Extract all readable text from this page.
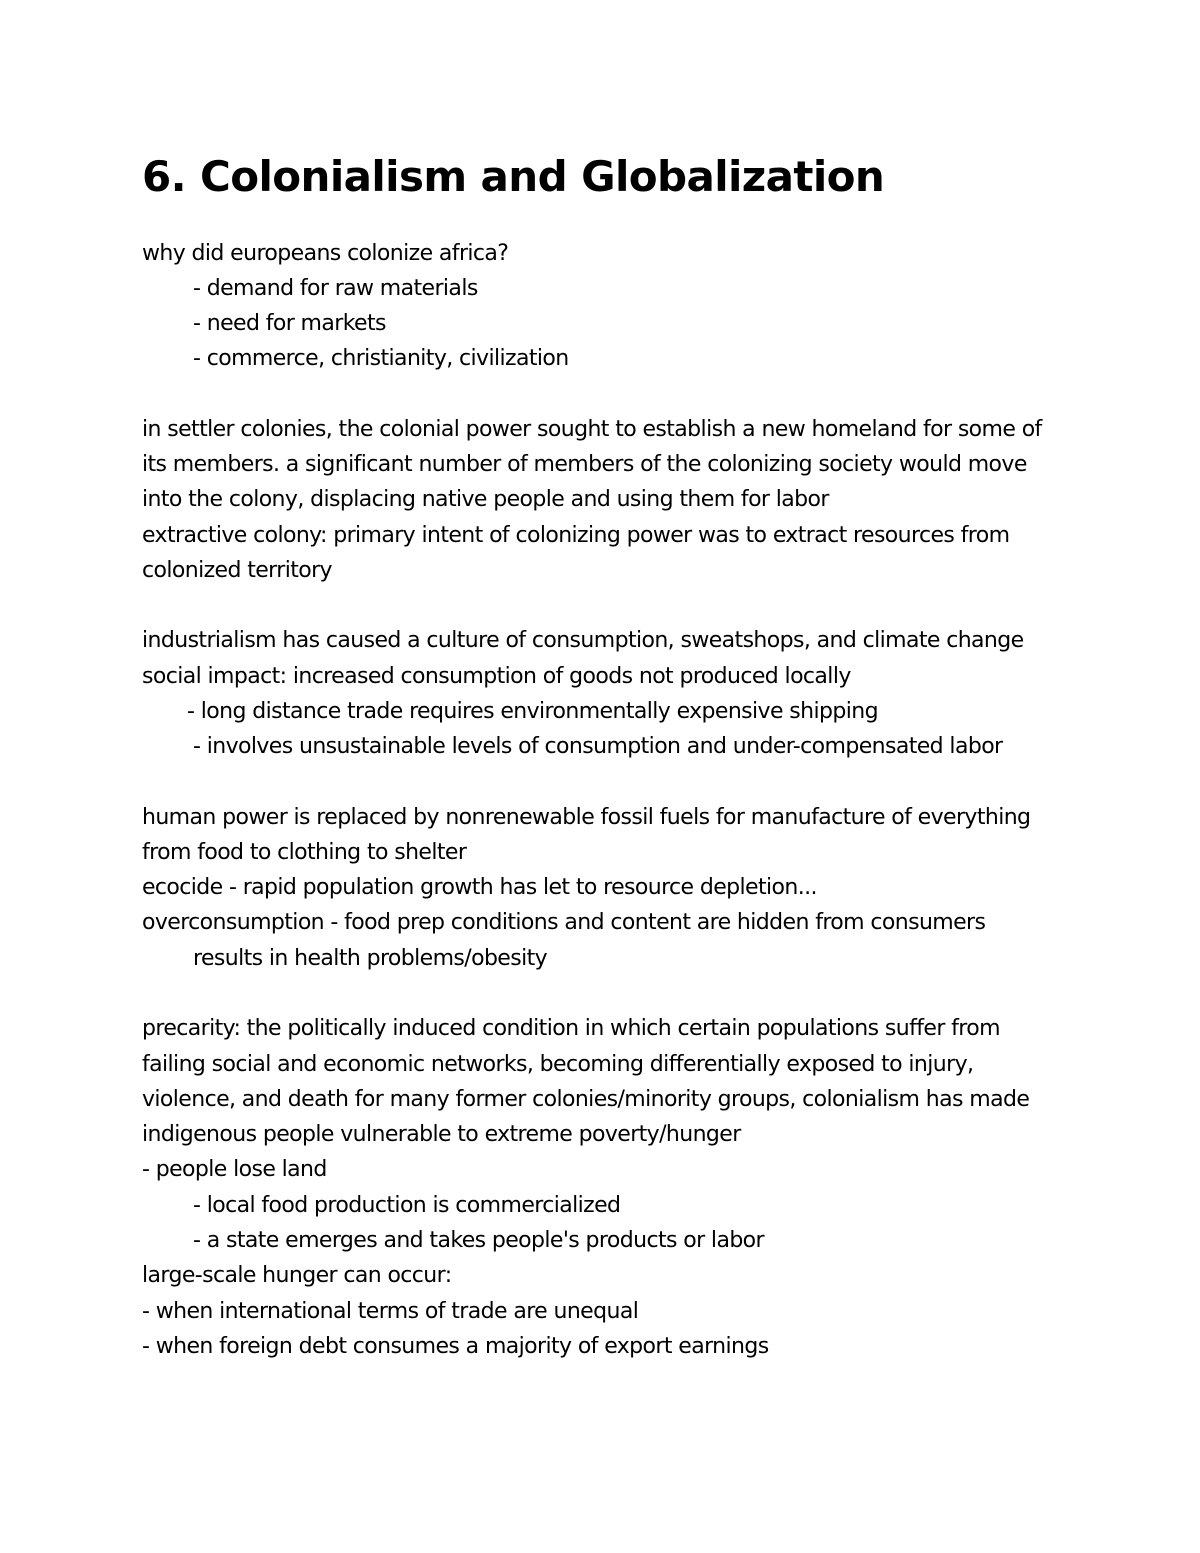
6. Colonialism and Globalization

why did europeans colonize africa?

- demand for raw materials

- need for markets

- commerce, christianity, civilization

in settler colonies, the colonial power sought to establish a new homeland for some of

its members. a significant number of members of the colonizing society would move

into the colony, displacing native people and using them for labor

extractive colony: primary intent of colonizing power was to extract resources from

colonized territory

industrialism has caused a culture of consumption, sweatshops, and climate change

social impact: increased consumption of goods not produced locally

- long distance trade requires environmentally expensive shipping

- involves unsustainable levels of consumption and under-compensated labor

human power is replaced by nonrenewable fossil fuels for manufacture of everything

from food to clothing to shelter

ecocide - rapid population growth has let to resource depletion...

overconsumption - food prep conditions and content are hidden from consumers

results in health problems/obesity

precarity: the politically induced condition in which certain populations suffer from

failing social and economic networks, becoming differentially exposed to injury,

violence, and death for many former colonies/minority groups, colonialism has made

indigenous people vulnerable to extreme poverty/hunger

- people lose land

- local food production is commercialized

- a state emerges and takes people's products or labor

large-scale hunger can occur:

- when international terms of trade are unequal

- when foreign debt consumes a majority of export earnings
